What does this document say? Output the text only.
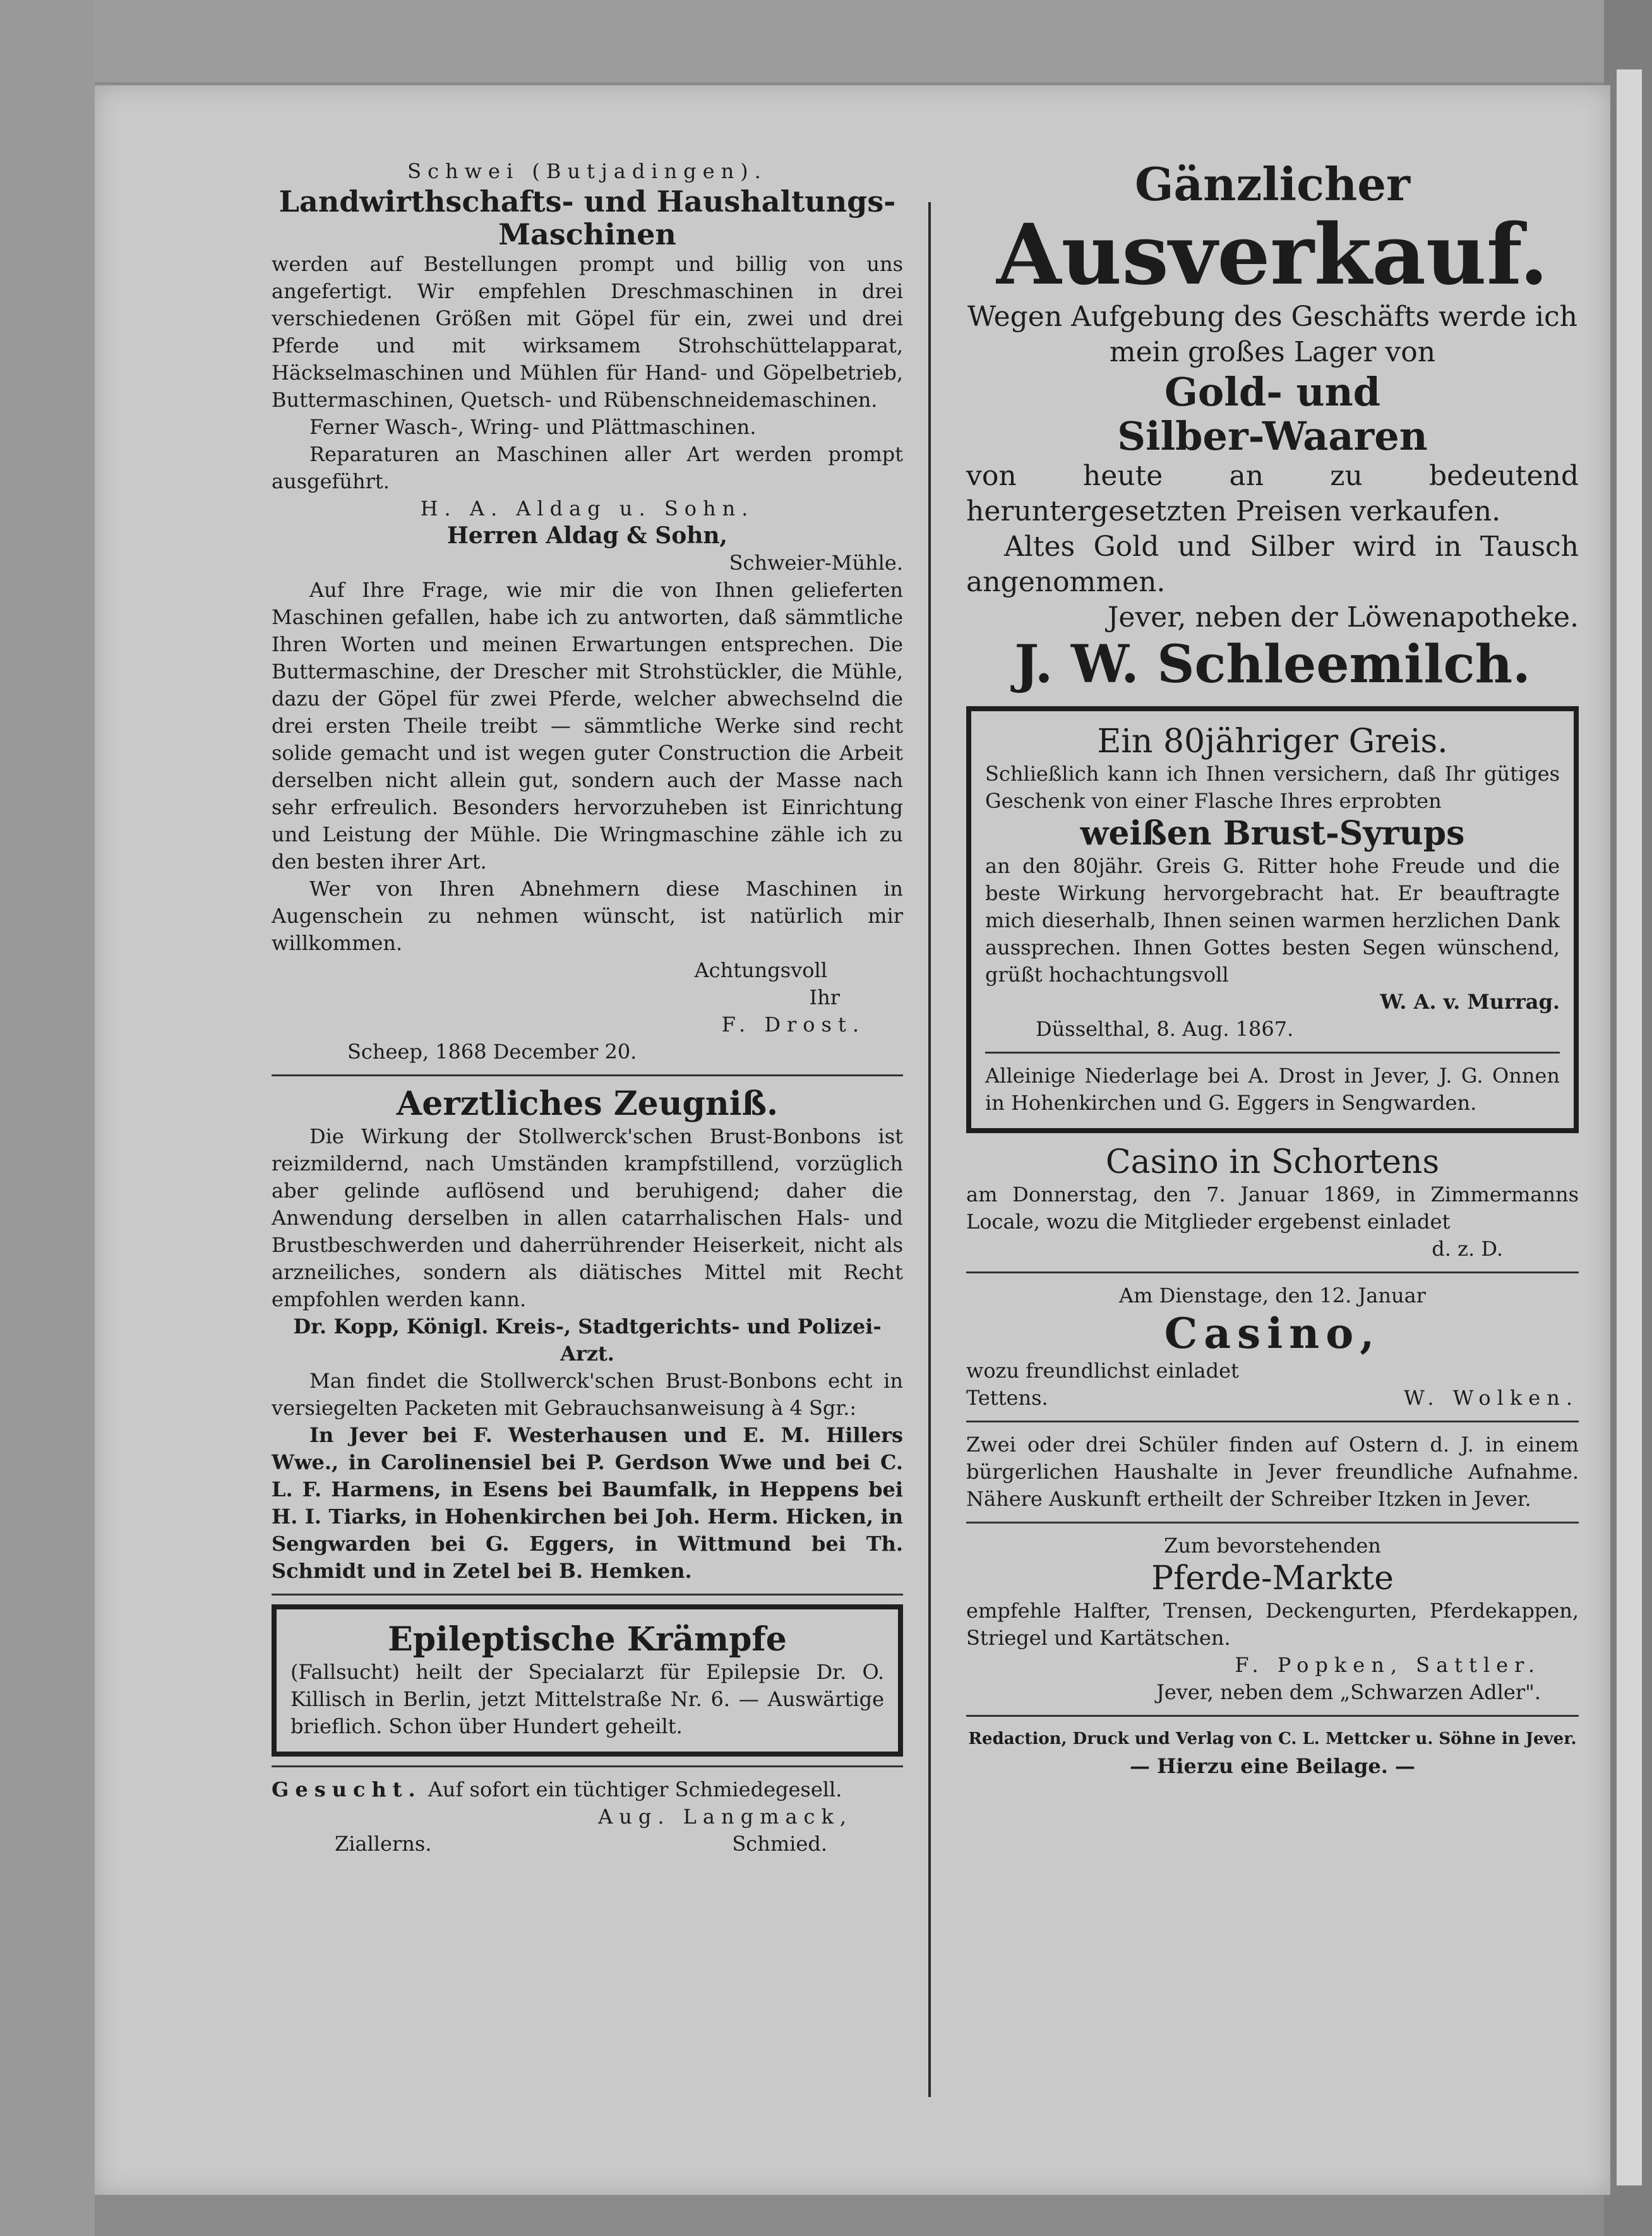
Schwei (Butjadingen).
Landwirthschafts- und Haushaltungs-
Maschinen

werden auf Bestellungen prompt und billig von uns angefertigt. Wir empfehlen Dreschmaschinen in drei verschiedenen Größen mit Göpel für ein, zwei und drei Pferde und mit wirksamem Strohschüttelapparat, Häckselmaschinen und Mühlen für Hand- und Göpelbetrieb, Buttermaschinen, Quetsch- und Rübenschneidemaschinen.

Ferner Wasch-, Wring- und Plättmaschinen.

Reparaturen an Maschinen aller Art werden prompt ausgeführt.

H. A. Aldag u. Sohn.
Herren Aldag & Sohn,
Schweier-Mühle.

Auf Ihre Frage, wie mir die von Ihnen gelieferten Maschinen gefallen, habe ich zu antworten, daß sämmtliche Ihren Worten und meinen Erwartungen entsprechen. Die Buttermaschine, der Drescher mit Strohstückler, die Mühle, dazu der Göpel für zwei Pferde, welcher abwechselnd die drei ersten Theile treibt — sämmtliche Werke sind recht solide gemacht und ist wegen guter Construction die Arbeit derselben nicht allein gut, sondern auch der Masse nach sehr erfreulich. Besonders hervorzuheben ist Einrichtung und Leistung der Mühle. Die Wringmaschine zähle ich zu den besten ihrer Art.

Wer von Ihren Abnehmern diese Maschinen in Augenschein zu nehmen wünscht, ist natürlich mir willkommen.

Achtungsvoll
Ihr
F. Drost.
Scheep, 1868 December 20.
Aerztliches Zeugniß.

Die Wirkung der Stollwerck'schen Brust-Bonbons ist reizmildernd, nach Umständen krampfstillend, vorzüglich aber gelinde auflösend und beruhigend; daher die Anwendung derselben in allen catarrhalischen Hals- und Brustbeschwerden und daherrührender Heiserkeit, nicht als arzneiliches, sondern als diätisches Mittel mit Recht empfohlen werden kann.

Dr. Kopp, Königl. Kreis-, Stadtgerichts- und Polizei-Arzt.

Man findet die Stollwerck'schen Brust-Bonbons echt in versiegelten Packeten mit Gebrauchsanweisung à 4 Sgr.:

In Jever bei F. Westerhausen und E. M. Hillers Wwe., in Carolinensiel bei P. Gerdson Wwe und bei C. L. F. Harmens, in Esens bei Baumfalk, in Heppens bei H. I. Tiarks, in Hohenkirchen bei Joh. Herm. Hicken, in Sengwarden bei G. Eggers, in Wittmund bei Th. Schmidt und in Zetel bei B. Hemken.

Epileptische Krämpfe

(Fallsucht) heilt der Specialarzt für Epilepsie Dr. O. Killisch in Berlin, jetzt Mittelstraße Nr. 6. — Auswärtige brieflich. Schon über Hundert geheilt.

Gesucht. Auf sofort ein tüchtiger Schmiedegesell.

Aug. Langmack,
Ziallerns.	Schmied.
Gänzlicher
Ausverkauf.

Wegen Aufgebung des Geschäfts werde ich mein großes Lager von

Gold- und
Silber-Waaren

von heute an zu bedeutend heruntergesetzten Preisen verkaufen.

Altes Gold und Silber wird in Tausch angenommen.

Jever, neben der Löwenapotheke.

J. W. Schleemilch.
Ein 80jähriger Greis.

Schließlich kann ich Ihnen versichern, daß Ihr gütiges Geschenk von einer Flasche Ihres erprobten

weißen Brust-Syrups

an den 80jähr. Greis G. Ritter hohe Freude und die beste Wirkung hervorgebracht hat. Er beauftragte mich dieserhalb, Ihnen seinen warmen herzlichen Dank aussprechen. Ihnen Gottes besten Segen wünschend, grüßt hochachtungsvoll

W. A. v. Murrag.
Düsselthal, 8. Aug. 1867.

Alleinige Niederlage bei A. Drost in Jever, J. G. Onnen in Hohenkirchen und G. Eggers in Sengwarden.

Casino in Schortens

am Donnerstag, den 7. Januar 1869, in Zimmermanns Locale, wozu die Mitglieder ergebenst einladet

d. z. D.
Am Dienstage, den 12. Januar
Casino,
wozu freundlichst einladet
Tettens.	W. Wolken.

Zwei oder drei Schüler finden auf Ostern d. J. in einem bürgerlichen Haushalte in Jever freundliche Aufnahme. Nähere Auskunft ertheilt der Schreiber Itzken in Jever.

Zum bevorstehenden
Pferde-Markte

empfehle Halfter, Trensen, Deckengurten, Pferdekappen, Striegel und Kartätschen.

F. Popken, Sattler.
Jever, neben dem „Schwarzen Adler".
Redaction, Druck und Verlag von C. L. Mettcker u. Söhne in Jever.
— Hierzu eine Beilage. —
